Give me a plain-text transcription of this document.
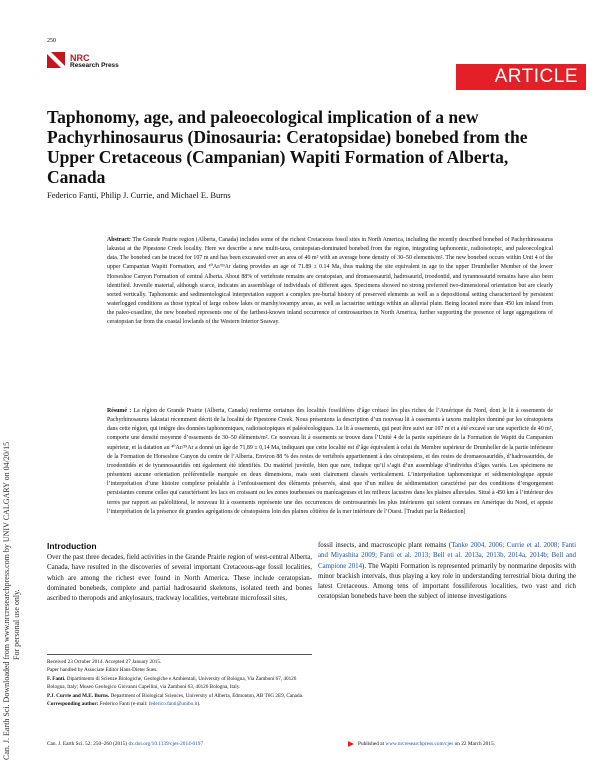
250
NRC
Research Press
ARTICLE
Taphonomy, age, and paleoecological implication of a new Pachyrhinosaurus (Dinosauria: Ceratopsidae) bonebed from the Upper Cretaceous (Campanian) Wapiti Formation of Alberta, Canada
Federico Fanti, Philip J. Currie, and Michael E. Burns
Can. J. Earth Sci. Downloaded from www.nrcresearchpress.com by UNIV CALGARY on 04/20/15 For personal use only.
Abstract: The Grande Prairie region (Alberta, Canada) includes some of the richest Cretaceous fossil sites in North America, including the recently described bonebed of Pachyrhinosaurus lakustai at the Pipestone Creek locality. Here we describe a new multi-taxa, ceratopsian-dominated bonebed from the region, integrating taphonomic, radioisotopic, and paleoecological data. The bonebed can be traced for 107 m and has been excavated over an area of 40 m² with an average bone density of 30–50 elements/m². The new bonebed occurs within Unit 4 of the upper Campanian Wapiti Formation, and ⁴⁰Ar/³⁹Ar dating provides an age of 71.89 ± 0.14 Ma, thus making the site equivalent in age to the upper Drumheller Member of the lower Horseshoe Canyon Formation of central Alberta. About 88% of vertebrate remains are ceratopsian, and dromaeosaurid, hadrosaurid, troodontid, and tyrannosaurid remains have also been identified. Juvenile material, although scarce, indicates an assemblage of individuals of different ages. Specimens showed no strong preferred two-dimensional orientation but are clearly sorted vertically. Taphonomic and sedimentological interpretation support a complex pre-burial history of preserved elements as well as a depositional setting characterized by persistent waterlogged conditions as those typical of large oxbow lakes or marshy/swampy areas, as well as lacustrine settings within an alluvial plain. Being located more than 450 km inland from the paleo-coastline, the new bonebed represents one of the farthest-known inland occurrence of centrosaurines in North America, further supporting the presence of large aggregations of ceratopsian far from the coastal lowlands of the Western Interior Seaway.
Résumé : La région de Grande Prairie (Alberta, Canada) renferme certaines des localités fossilifères d’âge crétacé les plus riches de l’Amérique du Nord, dont le lit à ossements de Pachyrhinosaurus lakustai récemment décrit de la localité de Pipestone Creek. Nous présentons la description d’un nouveau lit à ossements à taxons multiples dominé par les cératopsiens dans cette région, qui intègre des données taphonomiques, radioisotopiques et paléoécologiques. Le lit à ossements, qui peut être suivi sur 107 m et a été excavé sur une superficie de 40 m², comporte une densité moyenne d’ossements de 30–50 éléments/m². Ce nouveau lit à ossements se trouve dans l’Unité 4 de la partie supérieure de la Formation de Wapiti du Campanien supérieur, et la datation au ⁴⁰Ar/³⁹Ar a donné un âge de 71,89 ± 0,14 Ma, indiquant que cette localité est d’âge équivalent à celui du Membre supérieur de Drumheller de la partie inférieure de la Formation de Horseshoe Canyon du centre de l’Alberta. Environ 88 % des restes de vertébrés appartiennent à des cératopsiens, et des restes de dromaeosauridés, d’hadrosauridés, de troodontidés et de tyrannosauridés ont également été identifiés. Du matériel juvénile, bien que rare, indique qu’il s’agit d’un assemblage d’individus d’âges variés. Les spécimens ne présentent aucune orientation préférentielle marquée en deux dimensions, mais sont clairement classés verticalement. L’interprétation taphonomique et sédimentologique appuie l’interprétation d’une histoire complexe préalable à l’enfouissement des éléments préservés, ainsi que d’un milieu de sédimentation caractérisé par des conditions d’engorgement persistantes comme celles qui caractérisent les lacs en croissant ou les zones tourbeuses ou marécageuses et les milieux lacustres dans les plaines alluviales. Situé à 450 km à l’intérieur des terres par rapport au paléolittoral, le nouveau lit à ossements représente une des occurrences de centrosaurinés les plus intérieures qui soient connues en Amérique du Nord, et appuie l’interprétation de la présence de grandes agrégations de cératopsiens loin des plaines côtières de la mer intérieure de l’Ouest. [Traduit par la Rédaction]
Introduction
Over the past three decades, field activities in the Grande Prairie region of west-central Alberta, Canada, have resulted in the discoveries of several important Cretaceous-age fossil localities, which are among the richest ever found in North America. These include ceratopsian-dominated bonebeds, complete and partial hadrosaurid skeletons, isolated teeth and bones ascribed to theropods and ankylosaurs, trackway localities, vertebrate microfossil sites,
fossil insects, and macroscopic plant remains (Tanke 2004, 2006; Currie et al. 2008; Fanti and Miyashita 2009; Fanti et al. 2013; Bell et al. 2013a, 2013b, 2014a, 2014b; Bell and Campione 2014). The Wapiti Formation is represented primarily by nonmarine deposits with minor brackish intervals, thus playing a key role in understanding terrestrial biota during the latest Cretaceous. Among tens of important fossiliferous localities, two vast and rich ceratopsian bonebeds have been the subject of intense investigations
Received 23 October 2014. Accepted 27 January 2015.
Paper handled by Associate Editor Hans-Dieter Sues.
F. Fanti. Dipartimento di Scienze Biologiche, Geologiche e Ambientali, University of Bologna, Via Zamboni 67, 40126 Bologna, Italy; Museo Geologico Giovanni Capellini, via Zamboni 63, 40126 Bologna, Italy.
P.J. Currie and M.E. Burns. Department of Biological Sciences, University of Alberta, Edmonton, AB T6G 2E9, Canada.
Corresponding author: Federico Fanti (e-mail: federico.fanti@unibo.it).
Can. J. Earth Sci. 52: 250–260 (2015) dx.doi.org/10.1139/cjes-2014-0197	Published at www.nrcresearchpress.com/cjes on 22 March 2015.
